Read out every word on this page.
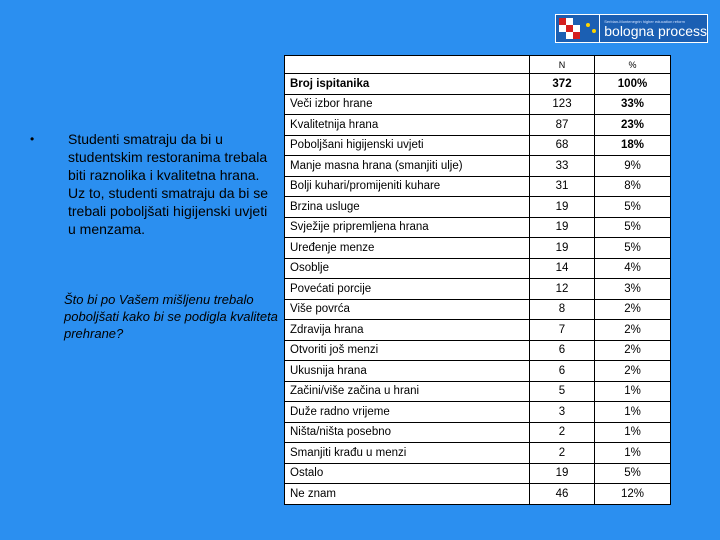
Serbian-Montenegrin higher education reform
bologna process
•	Studenti smatraju da bi u studentskim restoranima trebala biti raznolika i kvalitetna hrana. Uz to, studenti smatraju da bi se trebali poboljšati higijenski uvjeti u menzama.
Što bi po Vašem mišljenu trebalo poboljšati kako bi se podigla kvaliteta prehrane?
	N	%
Broj ispitanika	372	100%
Veči izbor hrane	123	33%
Kvalitetnija hrana	87	23%
Poboljšani higijenski uvjeti	68	18%
Manje masna hrana (smanjiti ulje)	33	9%
Bolji kuhari/promijeniti kuhare	31	8%
Brzina usluge	19	5%
Svježije pripremljena hrana	19	5%
Uređenje menze	19	5%
Osoblje	14	4%
Povećati porcije	12	3%
Više povrća	8	2%
Zdravija hrana	7	2%
Otvoriti još menzi	6	2%
Ukusnija hrana	6	2%
Začini/više začina u hrani	5	1%
Duže radno vrijeme	3	1%
Ništa/ništa posebno	2	1%
Smanjiti krađu u menzi	2	1%
Ostalo	19	5%
Ne znam	46	12%
